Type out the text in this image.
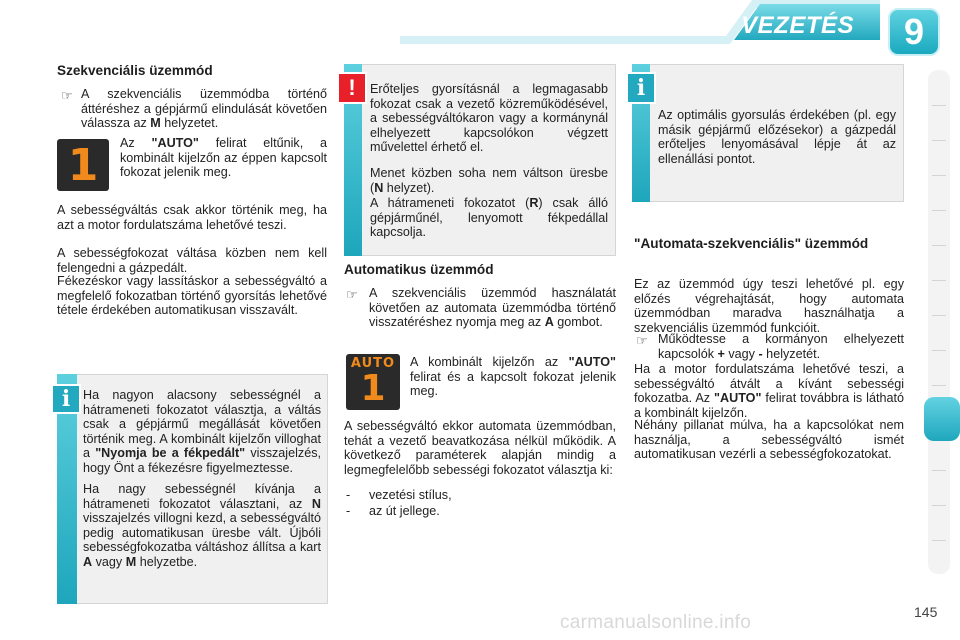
VEZETÉS	9
Szekvenciális üzemmód
☞ A szekvenciális üzemmódba történő áttéréshez a gépjármű elindulását követően válassza az M helyzetet.

1	Az "AUTO" felirat eltűnik, a kombinált kijelzőn az éppen kapcsolt fokozat jelenik meg.

A sebességváltás csak akkor történik meg, ha azt a motor fordulatszáma lehetővé teszi.

A sebességfokozat váltása közben nem kell felengedni a gázpedált.

Fékezéskor vagy lassításkor a sebességváltó a megfelelő fokozatban történő gyorsítás lehetővé tétele érdekében automatikusan visszavált.

i	Ha nagyon alacsony sebességnél a hátrameneti fokozatot választja, a váltás csak a gépjármű megállását követően történik meg. A kombinált kijelzőn villoghat a "Nyomja be a fékpedált" visszajelzés, hogy Önt a fékezésre figyelmeztesse.

Ha nagy sebességnél kívánja a hátrameneti fokozatot választani, az N visszajelzés villogni kezd, a sebességváltó pedig automatikusan üresbe vált. Újbóli sebességfokozatba váltáshoz állítsa a kart A vagy M helyzetbe.

!	Erőteljes gyorsításnál a legmagasabb fokozat csak a vezető közreműködésével, a sebességváltókaron vagy a kormánynál elhelyezett kapcsolókon végzett művelettel érhető el.

Menet közben soha nem váltson üresbe (N helyzet).

A hátrameneti fokozatot (R) csak álló gépjárműnél, lenyomott fékpedállal kapcsolja.

Automatikus üzemmód
☞ A szekvenciális üzemmód használatát követően az automata üzemmódba történő visszatéréshez nyomja meg az A gombot.

AUTO
1

A kombinált kijelzőn az "AUTO" felirat és a kapcsolt fokozat jelenik meg.

A sebességváltó ekkor automata üzemmódban, tehát a vezető beavatkozása nélkül működik. A következő paraméterek alapján mindig a legmegfelelőbb sebességi fokozatot választja ki:

- vezetési stílus,
- az út jellege.
i

Az optimális gyorsulás érdekében (pl. egy másik gépjármű előzésekor) a gázpedál erőteljes lenyomásával lépje át az ellenállási pontot.

"Automata-szekvenciális" üzemmód

Ez az üzemmód úgy teszi lehetővé pl. egy előzés végrehajtását, hogy automata üzemmódban maradva használhatja a szekvenciális üzemmód funkcióit.

☞ Működtesse a kormányon elhelyezett kapcsolók + vagy - helyzetét.

Ha a motor fordulatszáma lehetővé teszi, a sebességváltó átvált a kívánt sebességi fokozatba. Az "AUTO" felirat továbbra is látható a kombinált kijelzőn.

Néhány pillanat múlva, ha a kapcsolókat nem használja, a sebességváltó ismét automatikusan vezérli a sebességfokozatokat.

carmanualsonline.info	145
